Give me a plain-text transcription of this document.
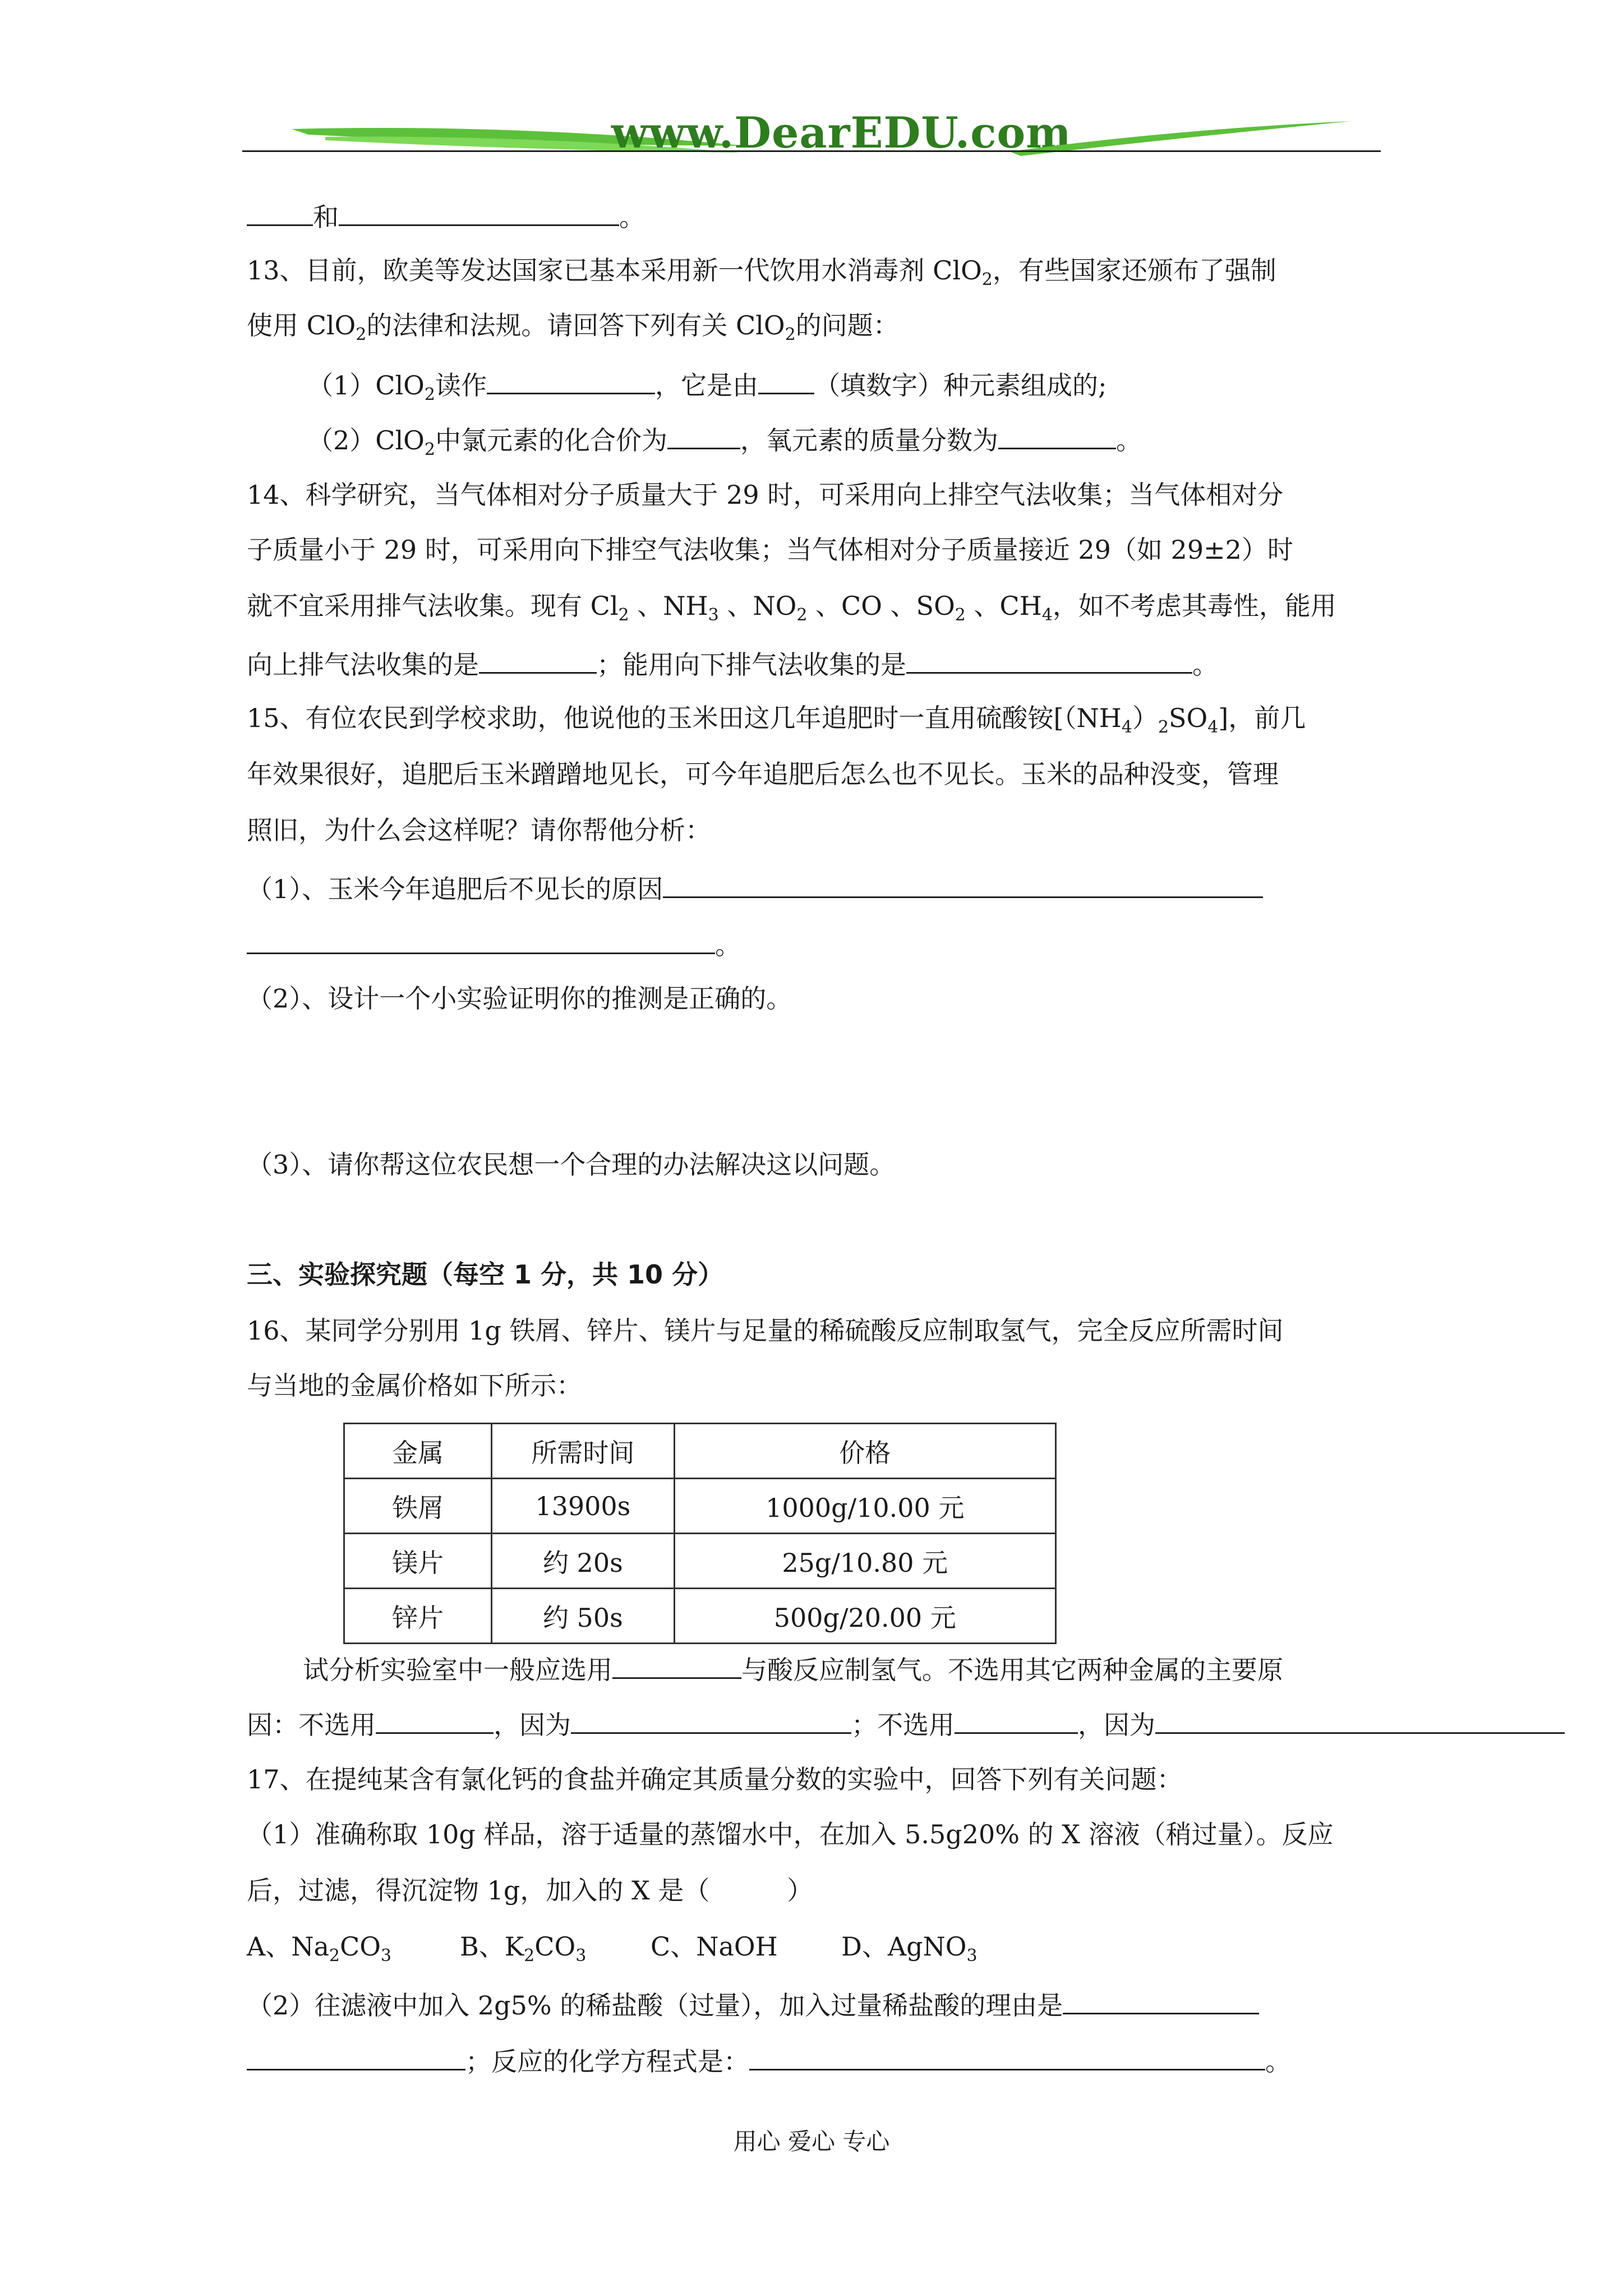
www.DearEDU.com
和	。
13、目前，欧美等发达国家已基本采用新一代饮用水消毒剂 ClO$_2$，有些国家还颁布了强制
使用 ClO$_2$的法律和法规。请回答下列有关 ClO$_2$的问题：
（1）ClO$_2$读作	，它是由 （填数字）种元素组成的;
（2）ClO$_2$中氯元素的化合价为	，氧元素的质量分数为	。
14、科学研究，当气体相对分子质量大于 29 时，可采用向上排空气法收集；当气体相对分
子质量小于 29 时，可采用向下排空气法收集；当气体相对分子质量接近 29（如 29±2）时
就不宜采用排气法收集。现有 $Cl_2$ 、$NH_3$ 、$NO_2$ 、CO 、$SO_2$ 、$CH_4$，如不考虑其毒性，能用
向上排气法收集的是	；能用向下排气法收集的是	。
15、有位农民到学校求助，他说他的玉米田这几年追肥时一直用硫酸铵$[(NH_4)_2SO_4]$，前几
年效果很好，追肥后玉米蹭蹭地见长，可今年追肥后怎么也不见长。玉米的品种没变，管理
照旧，为什么会这样呢？请你帮他分析：
（1）、玉米今年追肥后不见长的原因
。
（2）、设计一个小实验证明你的推测是正确的。
（3）、请你帮这位农民想一个合理的办法解决这以问题。
三、实验探究题（每空 1 分，共 10 分）
16、某同学分别用 1g 铁屑、锌片、镁片与足量的稀硫酸反应制取氢气，完全反应所需时间
与当地的金属价格如下所示：
金属	所需时间	价格
铁屑	13900s	1000g/10.00 元
镁片	约 20s	25g/10.80 元
锌片	约 50s	500g/20.00 元
试分析实验室中一般应选用	与酸反应制氢气。不选用其它两种金属的主要原
因：不选用	，因为	；不选用	，因为
17、在提纯某含有氯化钙的食盐并确定其质量分数的实验中，回答下列有关问题：
（1）准确称取 10g 样品，溶于适量的蒸馏水中，在加入 5.5g20% 的 X 溶液（稍过量）。反应
后，过滤，得沉淀物 1g，加入的 X 是（　　　）
A、$Na_2CO_3$	B、$K_2CO_3$ C、NaOH D、AgNO$_3$
（2）往滤液中加入 2g5% 的稀盐酸（过量），加入过量稀盐酸的理由是
；反应的化学方程式是：	。
用心 爱心 专心
